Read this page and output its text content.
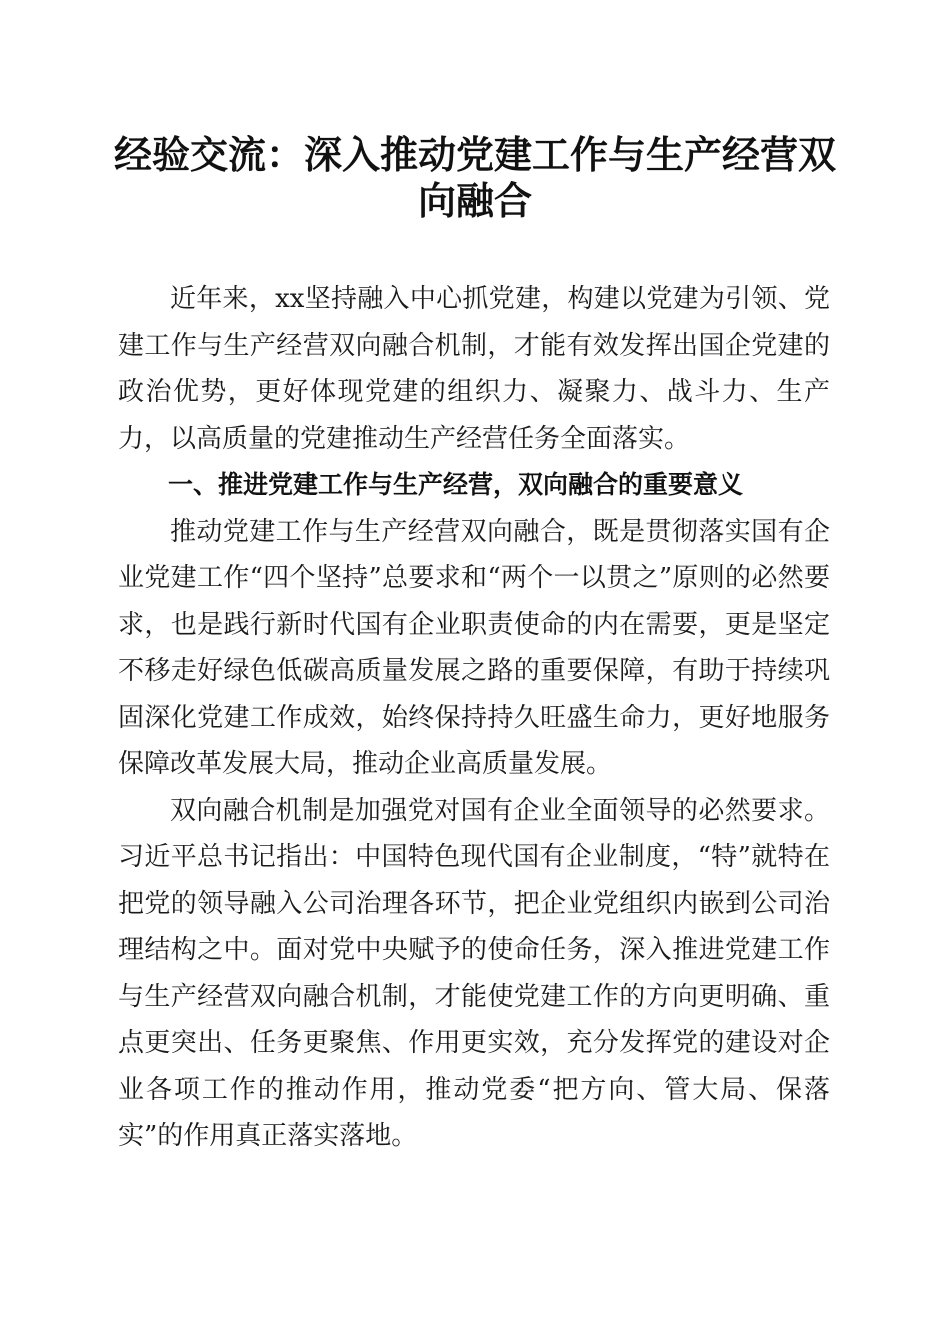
经验交流：深入推动党建工作与生产经营双向融合

近年来，xx坚持融入中心抓党建，构建以党建为引领、党建工作与生产经营双向融合机制，才能有效发挥出国企党建的政治优势，更好体现党建的组织力、凝聚力、战斗力、生产力，以高质量的党建推动生产经营任务全面落实。

一、推进党建工作与生产经营，双向融合的重要意义

推动党建工作与生产经营双向融合，既是贯彻落实国有企业党建工作“四个坚持”总要求和“两个一以贯之”原则的必然要求，也是践行新时代国有企业职责使命的内在需要，更是坚定不移走好绿色低碳高质量发展之路的重要保障，有助于持续巩固深化党建工作成效，始终保持持久旺盛生命力，更好地服务保障改革发展大局，推动企业高质量发展。

双向融合机制是加强党对国有企业全面领导的必然要求。习近平总书记指出：中国特色现代国有企业制度，“特”就特在把党的领导融入公司治理各环节，把企业党组织内嵌到公司治理结构之中。面对党中央赋予的使命任务，深入推进党建工作与生产经营双向融合机制，才能使党建工作的方向更明确、重点更突出、任务更聚焦、作用更实效，充分发挥党的建设对企业各项工作的推动作用，推动党委“把方向、管大局、保落实”的作用真正落实落地。
